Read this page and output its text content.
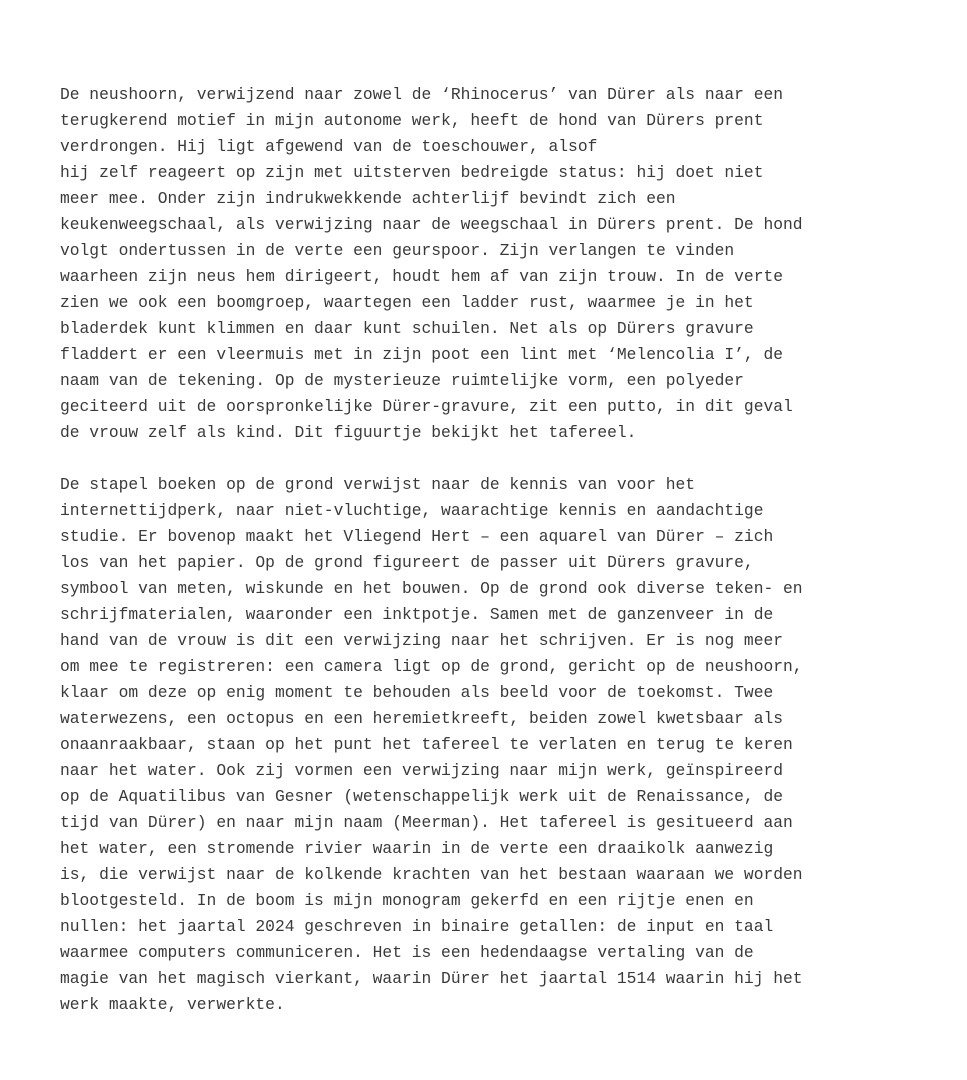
De neushoorn, verwijzend naar zowel de ‘Rhinocerus’ van Dürer als naar een
terugkerend motief in mijn autonome werk, heeft de hond van Dürers prent
verdrongen. Hij ligt afgewend van de toeschouwer, alsof
hij zelf reageert op zijn met uitsterven bedreigde status: hij doet niet
meer mee. Onder zijn indrukwekkende achterlijf bevindt zich een
keukenweegschaal, als verwijzing naar de weegschaal in Dürers prent. De hond
volgt ondertussen in de verte een geurspoor. Zijn verlangen te vinden
waarheen zijn neus hem dirigeert, houdt hem af van zijn trouw. In de verte
zien we ook een boomgroep, waartegen een ladder rust, waarmee je in het
bladerdek kunt klimmen en daar kunt schuilen. Net als op Dürers gravure
fladdert er een vleermuis met in zijn poot een lint met ‘Melencolia I’, de
naam van de tekening. Op de mysterieuze ruimtelijke vorm, een polyeder
geciteerd uit de oorspronkelijke Dürer-gravure, zit een putto, in dit geval
de vrouw zelf als kind. Dit figuurtje bekijkt het tafereel.
De stapel boeken op de grond verwijst naar de kennis van voor het
internettijdperk, naar niet-vluchtige, waarachtige kennis en aandachtige
studie. Er bovenop maakt het Vliegend Hert – een aquarel van Dürer – zich
los van het papier. Op de grond figureert de passer uit Dürers gravure,
symbool van meten, wiskunde en het bouwen. Op de grond ook diverse teken- en
schrijfmaterialen, waaronder een inktpotje. Samen met de ganzenveer in de
hand van de vrouw is dit een verwijzing naar het schrijven. Er is nog meer
om mee te registreren: een camera ligt op de grond, gericht op de neushoorn,
klaar om deze op enig moment te behouden als beeld voor de toekomst. Twee
waterwezens, een octopus en een heremietkreeft, beiden zowel kwetsbaar als
onaanraakbaar, staan op het punt het tafereel te verlaten en terug te keren
naar het water. Ook zij vormen een verwijzing naar mijn werk, geïnspireerd
op de Aquatilibus van Gesner (wetenschappelijk werk uit de Renaissance, de
tijd van Dürer) en naar mijn naam (Meerman). Het tafereel is gesitueerd aan
het water, een stromende rivier waarin in de verte een draaikolk aanwezig
is, die verwijst naar de kolkende krachten van het bestaan waaraan we worden
blootgesteld. In de boom is mijn monogram gekerfd en een rijtje enen en
nullen: het jaartal 2024 geschreven in binaire getallen: de input en taal
waarmee computers communiceren. Het is een hedendaagse vertaling van de
magie van het magisch vierkant, waarin Dürer het jaartal 1514 waarin hij het
werk maakte, verwerkte.
